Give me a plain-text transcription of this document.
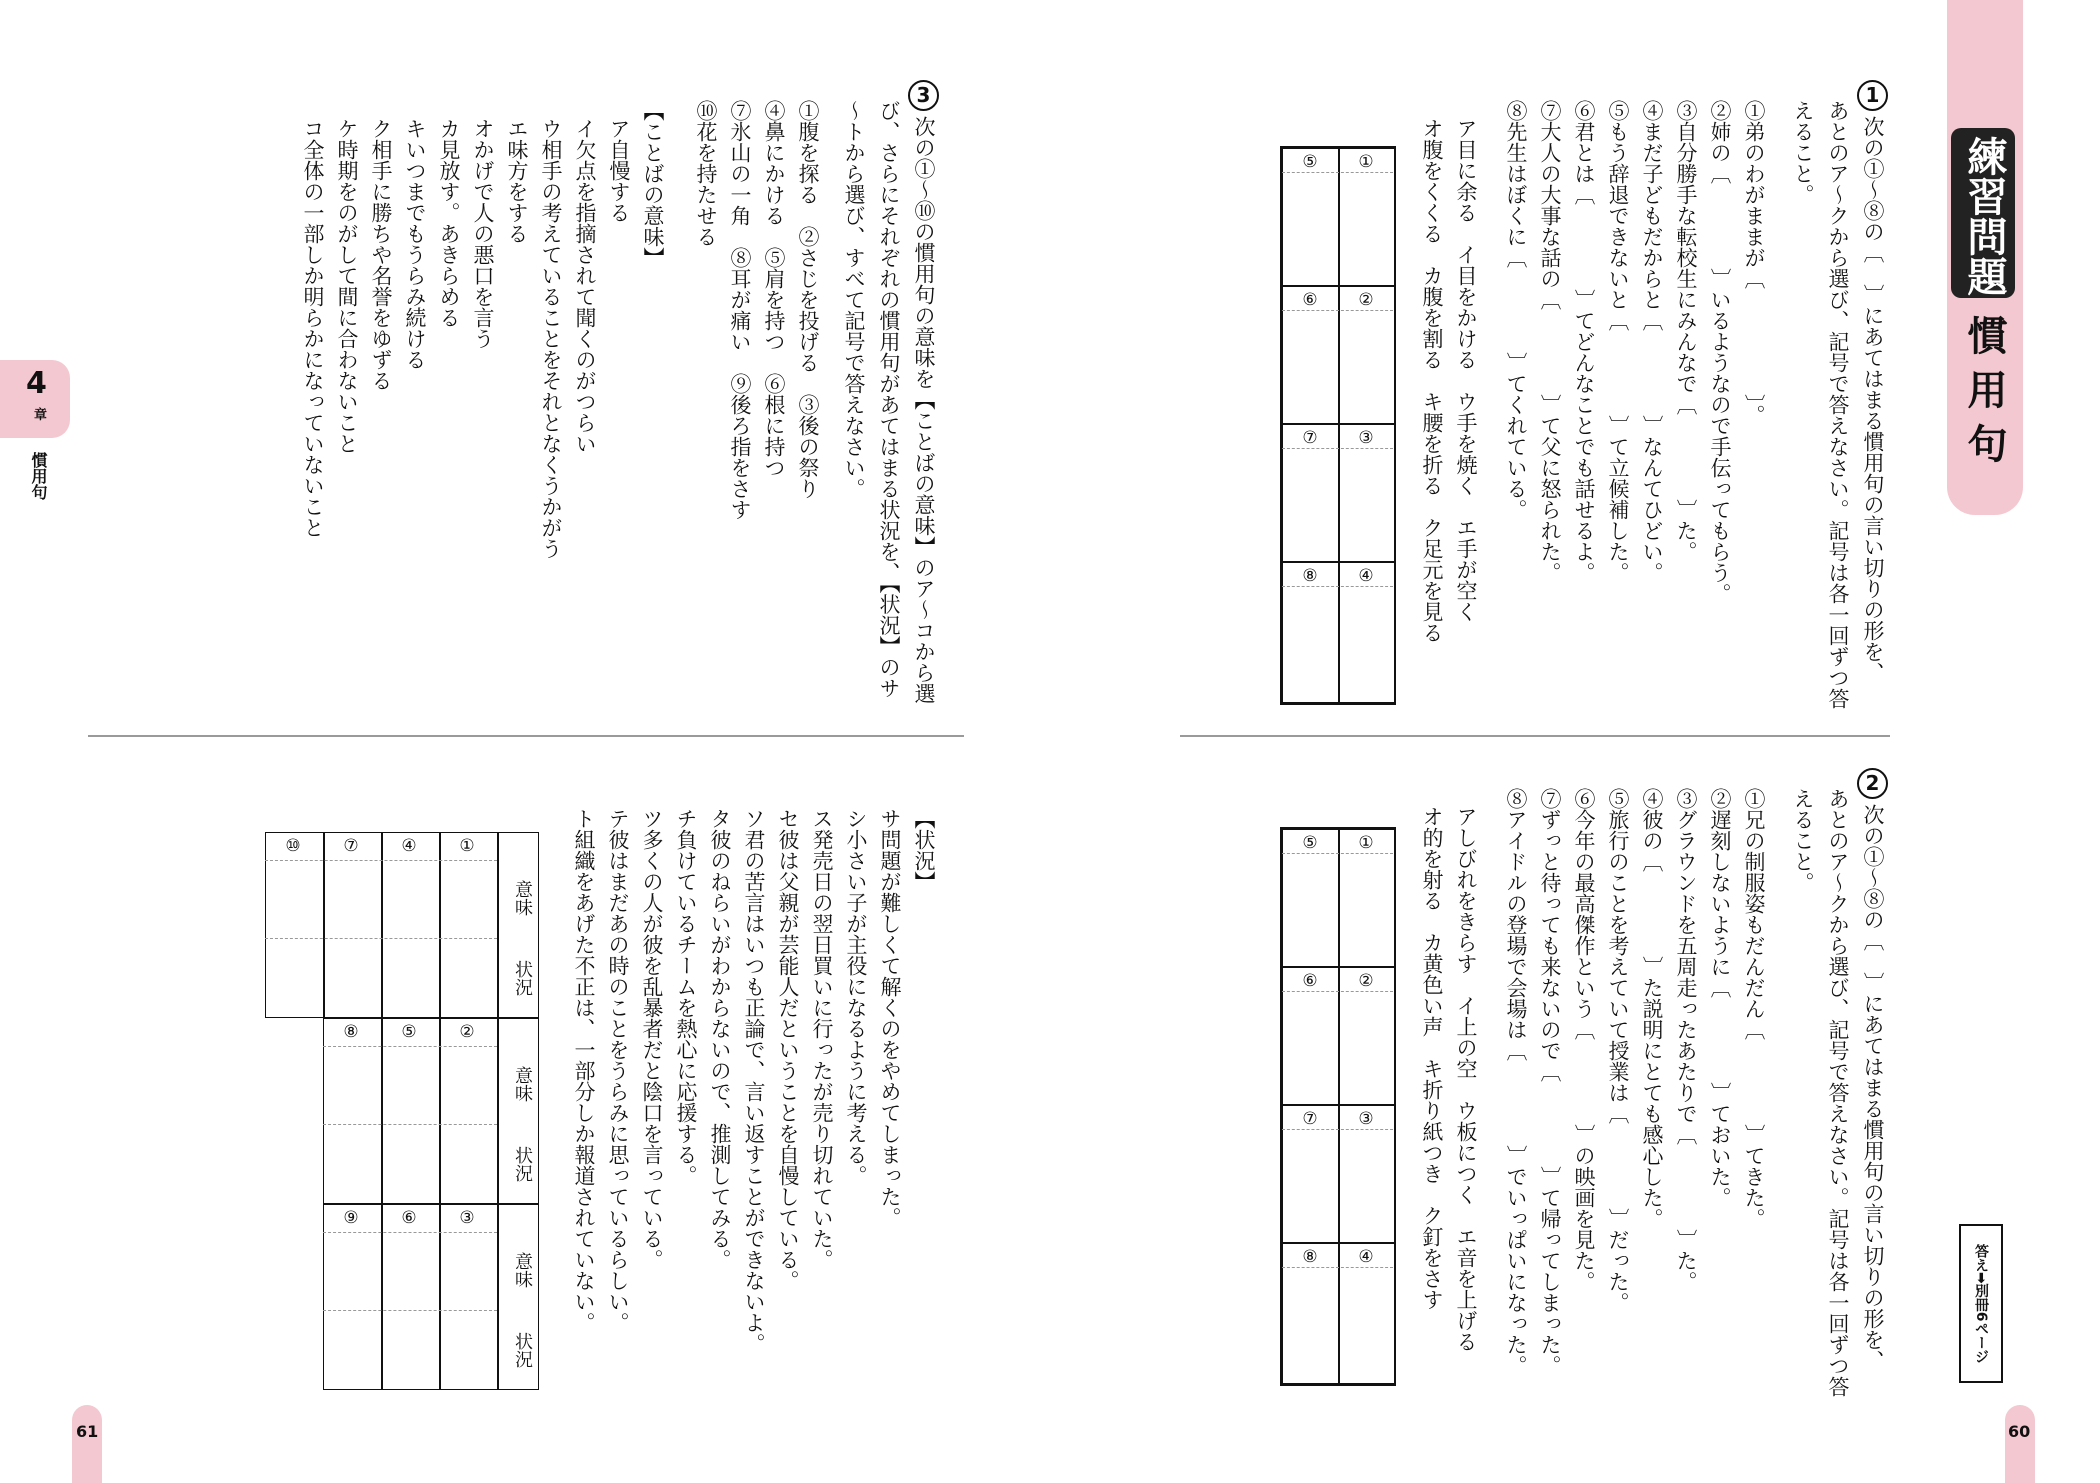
練習問題
慣用句
1
次の①〜⑧の〔　〕にあてはまる慣用句の言い切りの形を、
あとのア〜クから選び、記号で答えなさい。記号は各一回ずつ答
えること。
①弟のわがままが〔　　　　　〕。
②姉の〔　　　　〕いるようなので手伝ってもらう。
③自分勝手な転校生にみんなで〔　　　　〕た。
④まだ子どもだからと〔　　　　〕なんてひどい。
⑤もう辞退できないと〔　　　　〕て立候補した。
⑥君とは〔　　　　〕てどんなことでも話せるよ。
⑦大人の大事な話の〔　　　　〕て父に怒られた。
⑧先生はぼくに〔　　　　〕てくれている。
ア目に余る　イ目をかける　ウ手を焼く　エ手が空く
オ腹をくくる　カ腹を割る　キ腰を折る　ク足元を見る
①
⑤
②
⑥
③
⑦
④
⑧
2
次の①〜⑧の〔　〕にあてはまる慣用句の言い切りの形を、
あとのア〜クから選び、記号で答えなさい。記号は各一回ずつ答
えること。
①兄の制服姿もだんだん〔　　　　〕てきた。
②遅刻しないように〔　　　　〕ておいた。
③グラウンドを五周走ったあたりで〔　　　　〕た。
④彼の〔　　　　〕た説明にとても感心した。
⑤旅行のことを考えていて授業は〔　　　　〕だった。
⑥今年の最高傑作という〔　　　　〕の映画を見た。
⑦ずっと待っても来ないので〔　　　　〕て帰ってしまった。
⑧アイドルの登場で会場は〔　　　　〕でいっぱいになった。
アしびれをきらす　イ上の空　ウ板につく　エ音を上げる
オ的を射る　カ黄色い声　キ折り紙つき　ク釘をさす
①
⑤
②
⑥
③
⑦
④
⑧	答え➡別冊6ページ
60
4
章
慣用句
3
次の①〜⑩の慣用句の意味を【ことばの意味】のア〜コから選
び、さらにそれぞれの慣用句があてはまる状況を、【状況】のサ
〜トから選び、すべて記号で答えなさい。
①腹を探る　②さじを投げる　③後の祭り
④鼻にかける　⑤肩を持つ　⑥根に持つ
⑦氷山の一角　⑧耳が痛い　⑨後ろ指をさす
⑩花を持たせる
【ことばの意味】
ア自慢する
イ欠点を指摘されて聞くのがつらい
ウ相手の考えていることをそれとなくうかがう
エ味方をする
オかげで人の悪口を言う
カ見放す。あきらめる
キいつまでもうらみ続ける
ク相手に勝ちや名誉をゆずる
ケ時期をのがして間に合わないこと
コ全体の一部しか明らかになっていないこと
【状況】
サ問題が難しくて解くのをやめてしまった。
シ小さい子が主役になるように考える。
ス発売日の翌日買いに行ったが売り切れていた。
セ彼は父親が芸能人だということを自慢している。
ソ君の苦言はいつも正論で、言い返すことができないよ。
タ彼のねらいがわからないので、推測してみる。
チ負けているチームを熱心に応援する。
ツ多くの人が彼を乱暴者だと陰口を言っている。
テ彼はまだあの時のことをうらみに思っているらしい。
ト組織をあげた不正は、一部分しか報道されていない。
意味
状況
意味
状況
意味
状況
①
④
⑦
⑩
②
⑤
⑧
③
⑥
⑨
61
